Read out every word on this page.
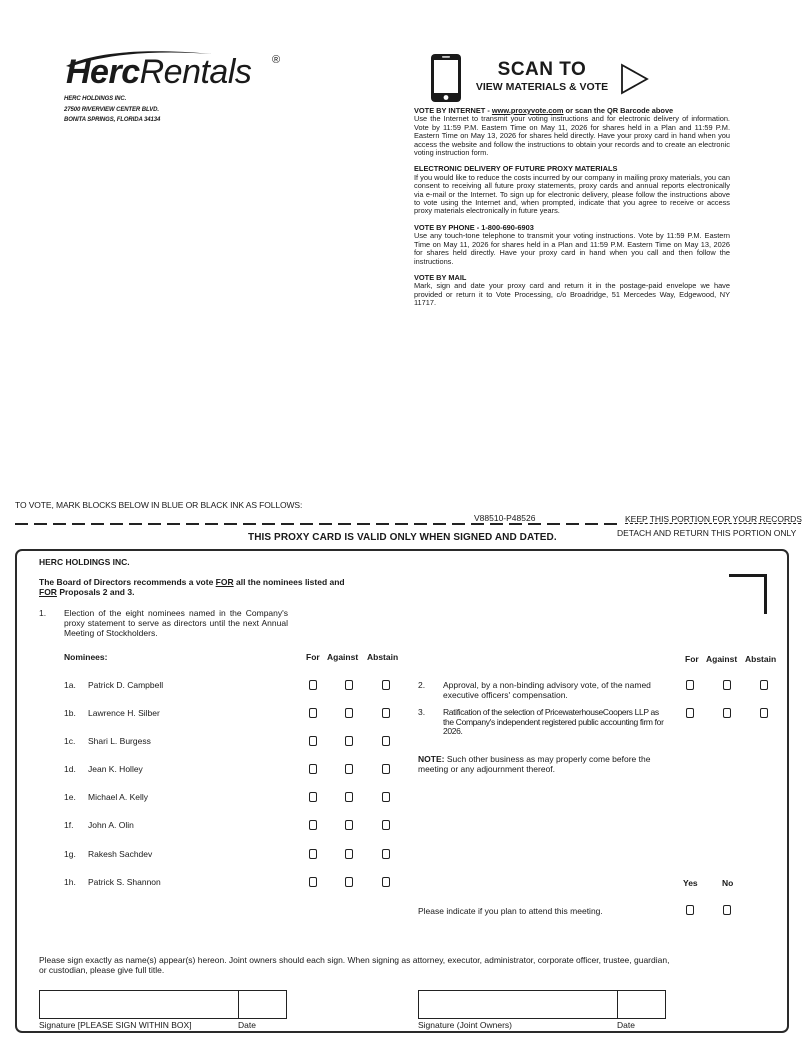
HercRentals ®
HERC HOLDINGS INC.
27500 RIVERVIEW CENTER BLVD.
BONITA SPRINGS, FLORIDA 34134
SCAN TO
VIEW MATERIALS & VOTE
VOTE BY INTERNET - www.proxyvote.com or scan the QR Barcode above
Use the Internet to transmit your voting instructions and for electronic delivery of information. Vote by 11:59 P.M. Eastern Time on May 11, 2026 for shares held in a Plan and 11:59 P.M. Eastern Time on May 13, 2026 for shares held directly. Have your proxy card in hand when you access the website and follow the instructions to obtain your records and to create an electronic voting instruction form.
ELECTRONIC DELIVERY OF FUTURE PROXY MATERIALS
If you would like to reduce the costs incurred by our company in mailing proxy materials, you can consent to receiving all future proxy statements, proxy cards and annual reports electronically via e-mail or the Internet. To sign up for electronic delivery, please follow the instructions above to vote using the Internet and, when prompted, indicate that you agree to receive or access proxy materials electronically in future years.
VOTE BY PHONE - 1-800-690-6903
Use any touch-tone telephone to transmit your voting instructions. Vote by 11:59 P.M. Eastern Time on May 11, 2026 for shares held in a Plan and 11:59 P.M. Eastern Time on May 13, 2026 for shares held directly. Have your proxy card in hand when you call and then follow the instructions.
VOTE BY MAIL
Mark, sign and date your proxy card and return it in the postage-paid envelope we have provided or return it to Vote Processing, c/o Broadridge, 51 Mercedes Way, Edgewood, NY 11717.
TO VOTE, MARK BLOCKS BELOW IN BLUE OR BLACK INK AS FOLLOWS:
V88510-P48526	KEEP THIS PORTION FOR YOUR RECORDS
DETACH AND RETURN THIS PORTION ONLY
THIS PROXY CARD IS VALID ONLY WHEN SIGNED AND DATED.
HERC HOLDINGS INC.
The Board of Directors recommends a vote FOR all the nominees listed and
FOR Proposals 2 and 3.
1. Election of the eight nominees named in the Company's proxy statement to serve as directors until the next Annual Meeting of Stockholders.
Nominees:	For Against Abstain
1a. Patrick D. Campbell
1b. Lawrence H. Silber
1c. Shari L. Burgess
1d. Jean K. Holley
1e. Michael A. Kelly
1f. John A. Olin
1g. Rakesh Sachdev
1h. Patrick S. Shannon
For Against Abstain
2. Approval, by a non-binding advisory vote, of the named executive officers' compensation.
3. Ratification of the selection of PricewaterhouseCoopers LLP as the Company's independent registered public accounting firm for 2026.
NOTE: Such other business as may properly come before the meeting or any adjournment thereof.
Yes	No
Please indicate if you plan to attend this meeting.
Please sign exactly as name(s) appear(s) hereon. Joint owners should each sign. When signing as attorney, executor, administrator, corporate officer, trustee, guardian, or custodian, please give full title.
Signature [PLEASE SIGN WITHIN BOX]	Date	Signature (Joint Owners)	Date
